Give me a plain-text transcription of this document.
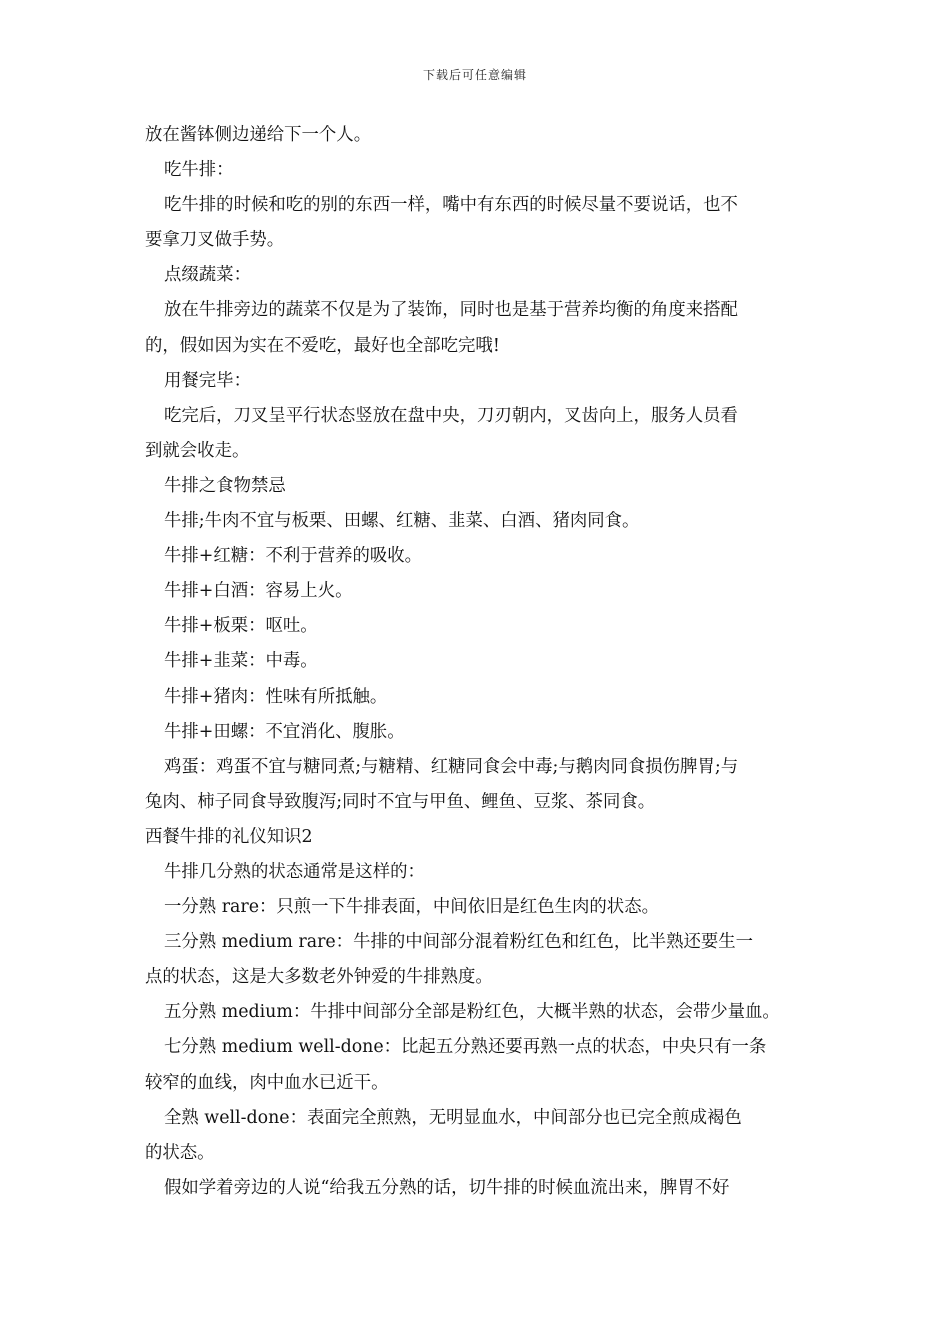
下载后可任意编辑
放在酱钵侧边递给下一个人。
吃牛排：
吃牛排的时候和吃的别的东西一样，嘴中有东西的时候尽量不要说话，也不
要拿刀叉做手势。
点缀蔬菜：
放在牛排旁边的蔬菜不仅是为了装饰，同时也是基于营养均衡的角度来搭配
的，假如因为实在不爱吃，最好也全部吃完哦!
用餐完毕：
吃完后，刀叉呈平行状态竖放在盘中央，刀刃朝内，叉齿向上，服务人员看
到就会收走。
牛排之食物禁忌
牛排;牛肉不宜与板栗、田螺、红糖、韭菜、白酒、猪肉同食。
牛排+红糖：不利于营养的吸收。
牛排+白酒：容易上火。
牛排+板栗：呕吐。
牛排+韭菜：中毒。
牛排+猪肉：性味有所抵触。
牛排+田螺：不宜消化、腹胀。
鸡蛋：鸡蛋不宜与糖同煮;与糖精、红糖同食会中毒;与鹅肉同食损伤脾胃;与
兔肉、柿子同食导致腹泻;同时不宜与甲鱼、鲤鱼、豆浆、茶同食。
西餐牛排的礼仪知识2
牛排几分熟的状态通常是这样的：
一分熟 rare：只煎一下牛排表面，中间依旧是红色生肉的状态。
三分熟 medium rare：牛排的中间部分混着粉红色和红色，比半熟还要生一
点的状态，这是大多数老外钟爱的牛排熟度。
五分熟 medium：牛排中间部分全部是粉红色，大概半熟的状态，会带少量血。
七分熟 medium well-done：比起五分熟还要再熟一点的状态，中央只有一条
较窄的血线，肉中血水已近干。
全熟 well-done：表面完全煎熟，无明显血水，中间部分也已完全煎成褐色
的状态。
假如学着旁边的人说“给我五分熟的话，切牛排的时候血流出来，脾胃不好
